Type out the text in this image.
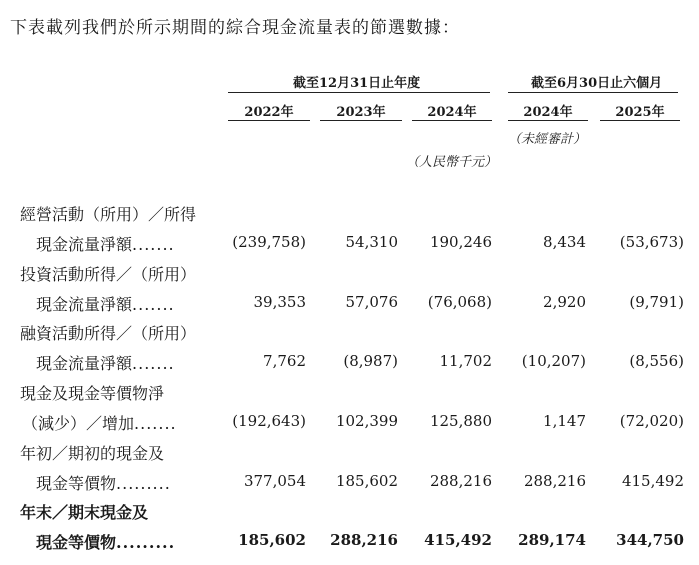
下表載列我們於所示期間的綜合現金流量表的節選數據：
截至12月31日止年度	截至6月30日止六個月
2022年	2023年	2024年	2024年	2025年
（未經審計）
（人民幣千元）
經營活動（所用）／所得
現金流量淨額.......	(239,758)	54,310	190,246	8,434	(53,673)
投資活動所得／（所用）
現金流量淨額.......	39,353	57,076	(76,068)	2,920	(9,791)
融資活動所得／（所用）
現金流量淨額.......	7,762	(8,987)	11,702	(10,207)	(8,556)
現金及現金等價物淨
（減少）／增加.......	(192,643)	102,399	125,880	1,147	(72,020)
年初／期初的現金及
現金等價物.........	377,054	185,602	288,216	288,216	415,492
年末／期末現金及
現金等價物.........	185,602	288,216	415,492	289,174	344,750
